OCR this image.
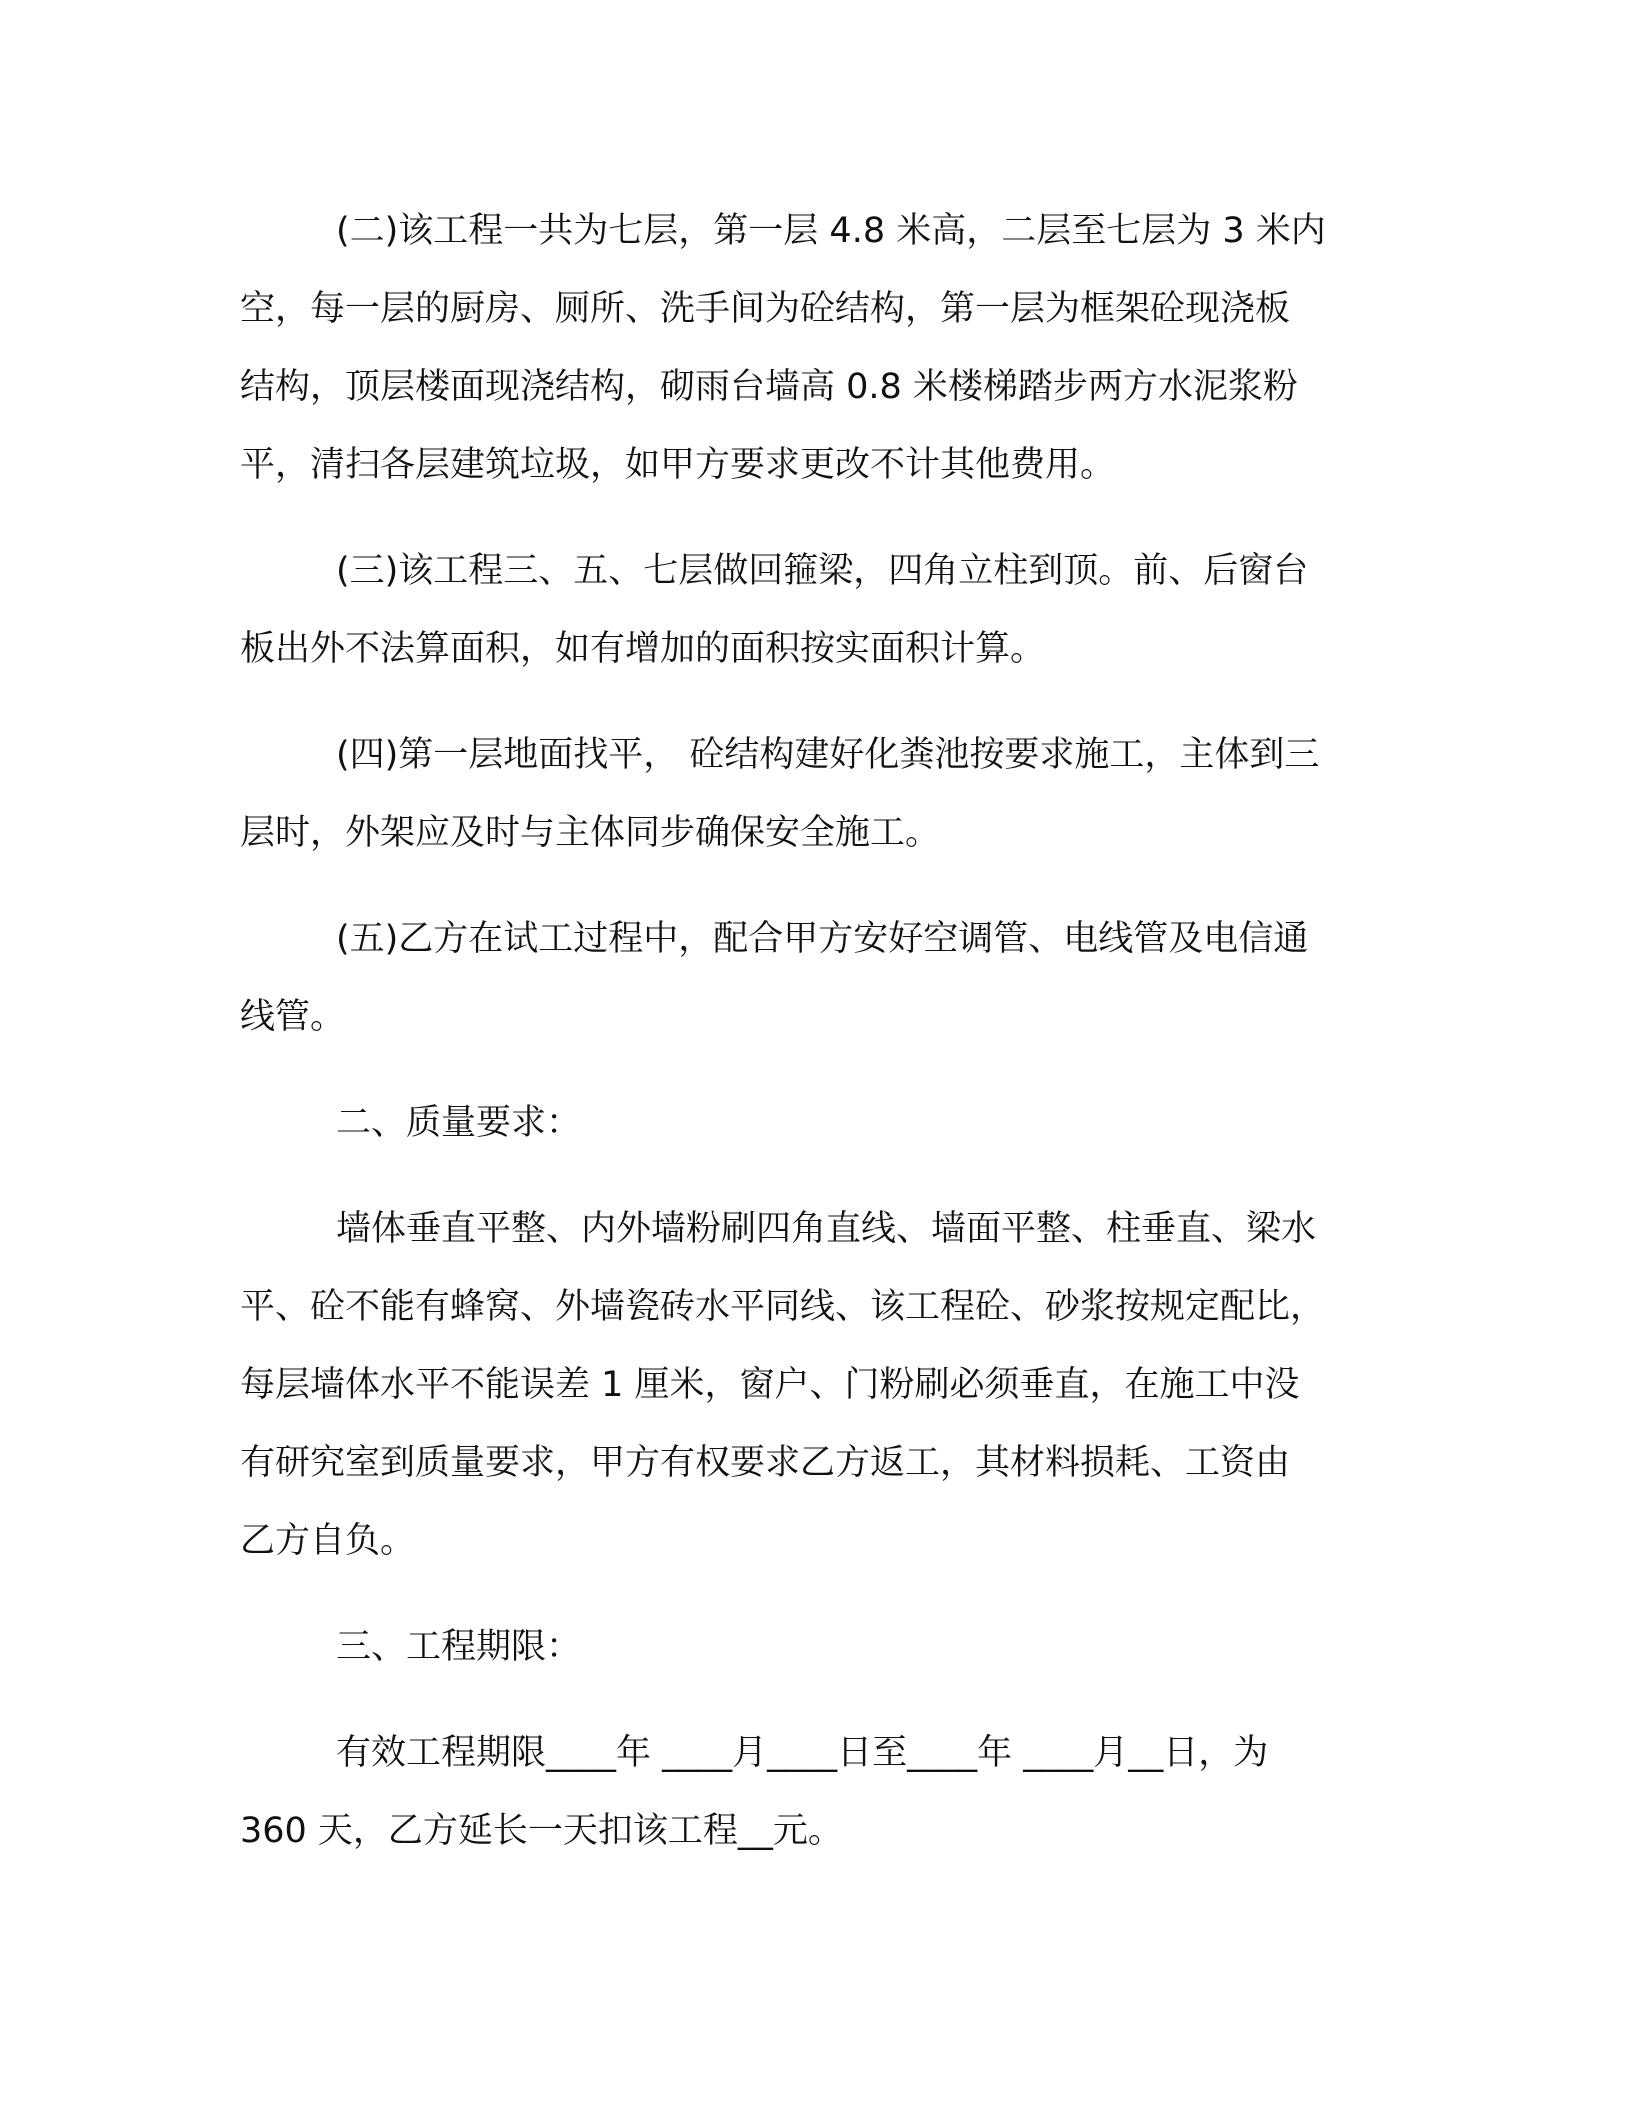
(二)该工程一共为七层，第一层 4.8 米高，二层至七层为 3 米内
空，每一层的厨房、厕所、洗手间为砼结构，第一层为框架砼现浇板
结构，顶层楼面现浇结构，砌雨台墙高 0.8 米楼梯踏步两方水泥浆粉
平，清扫各层建筑垃圾，如甲方要求更改不计其他费用。
(三)该工程三、五、七层做回箍梁，四角立柱到顶。前、后窗台
板出外不法算面积，如有增加的面积按实面积计算。
(四)第一层地面找平， 砼结构建好化粪池按要求施工，主体到三
层时，外架应及时与主体同步确保安全施工。
(五)乙方在试工过程中，配合甲方安好空调管、电线管及电信通
线管。
二、质量要求：
墙体垂直平整、内外墙粉刷四角直线、墙面平整、柱垂直、梁水
平、砼不能有蜂窝、外墙瓷砖水平同线、该工程砼、砂浆按规定配比，
每层墙体水平不能误差 1 厘米，窗户、门粉刷必须垂直，在施工中没
有研究室到质量要求，甲方有权要求乙方返工，其材料损耗、工资由
乙方自负。
三、工程期限：
有效工程期限____年 ____月____日至____年 ____月__日，为
360 天，乙方延长一天扣该工程__元。
